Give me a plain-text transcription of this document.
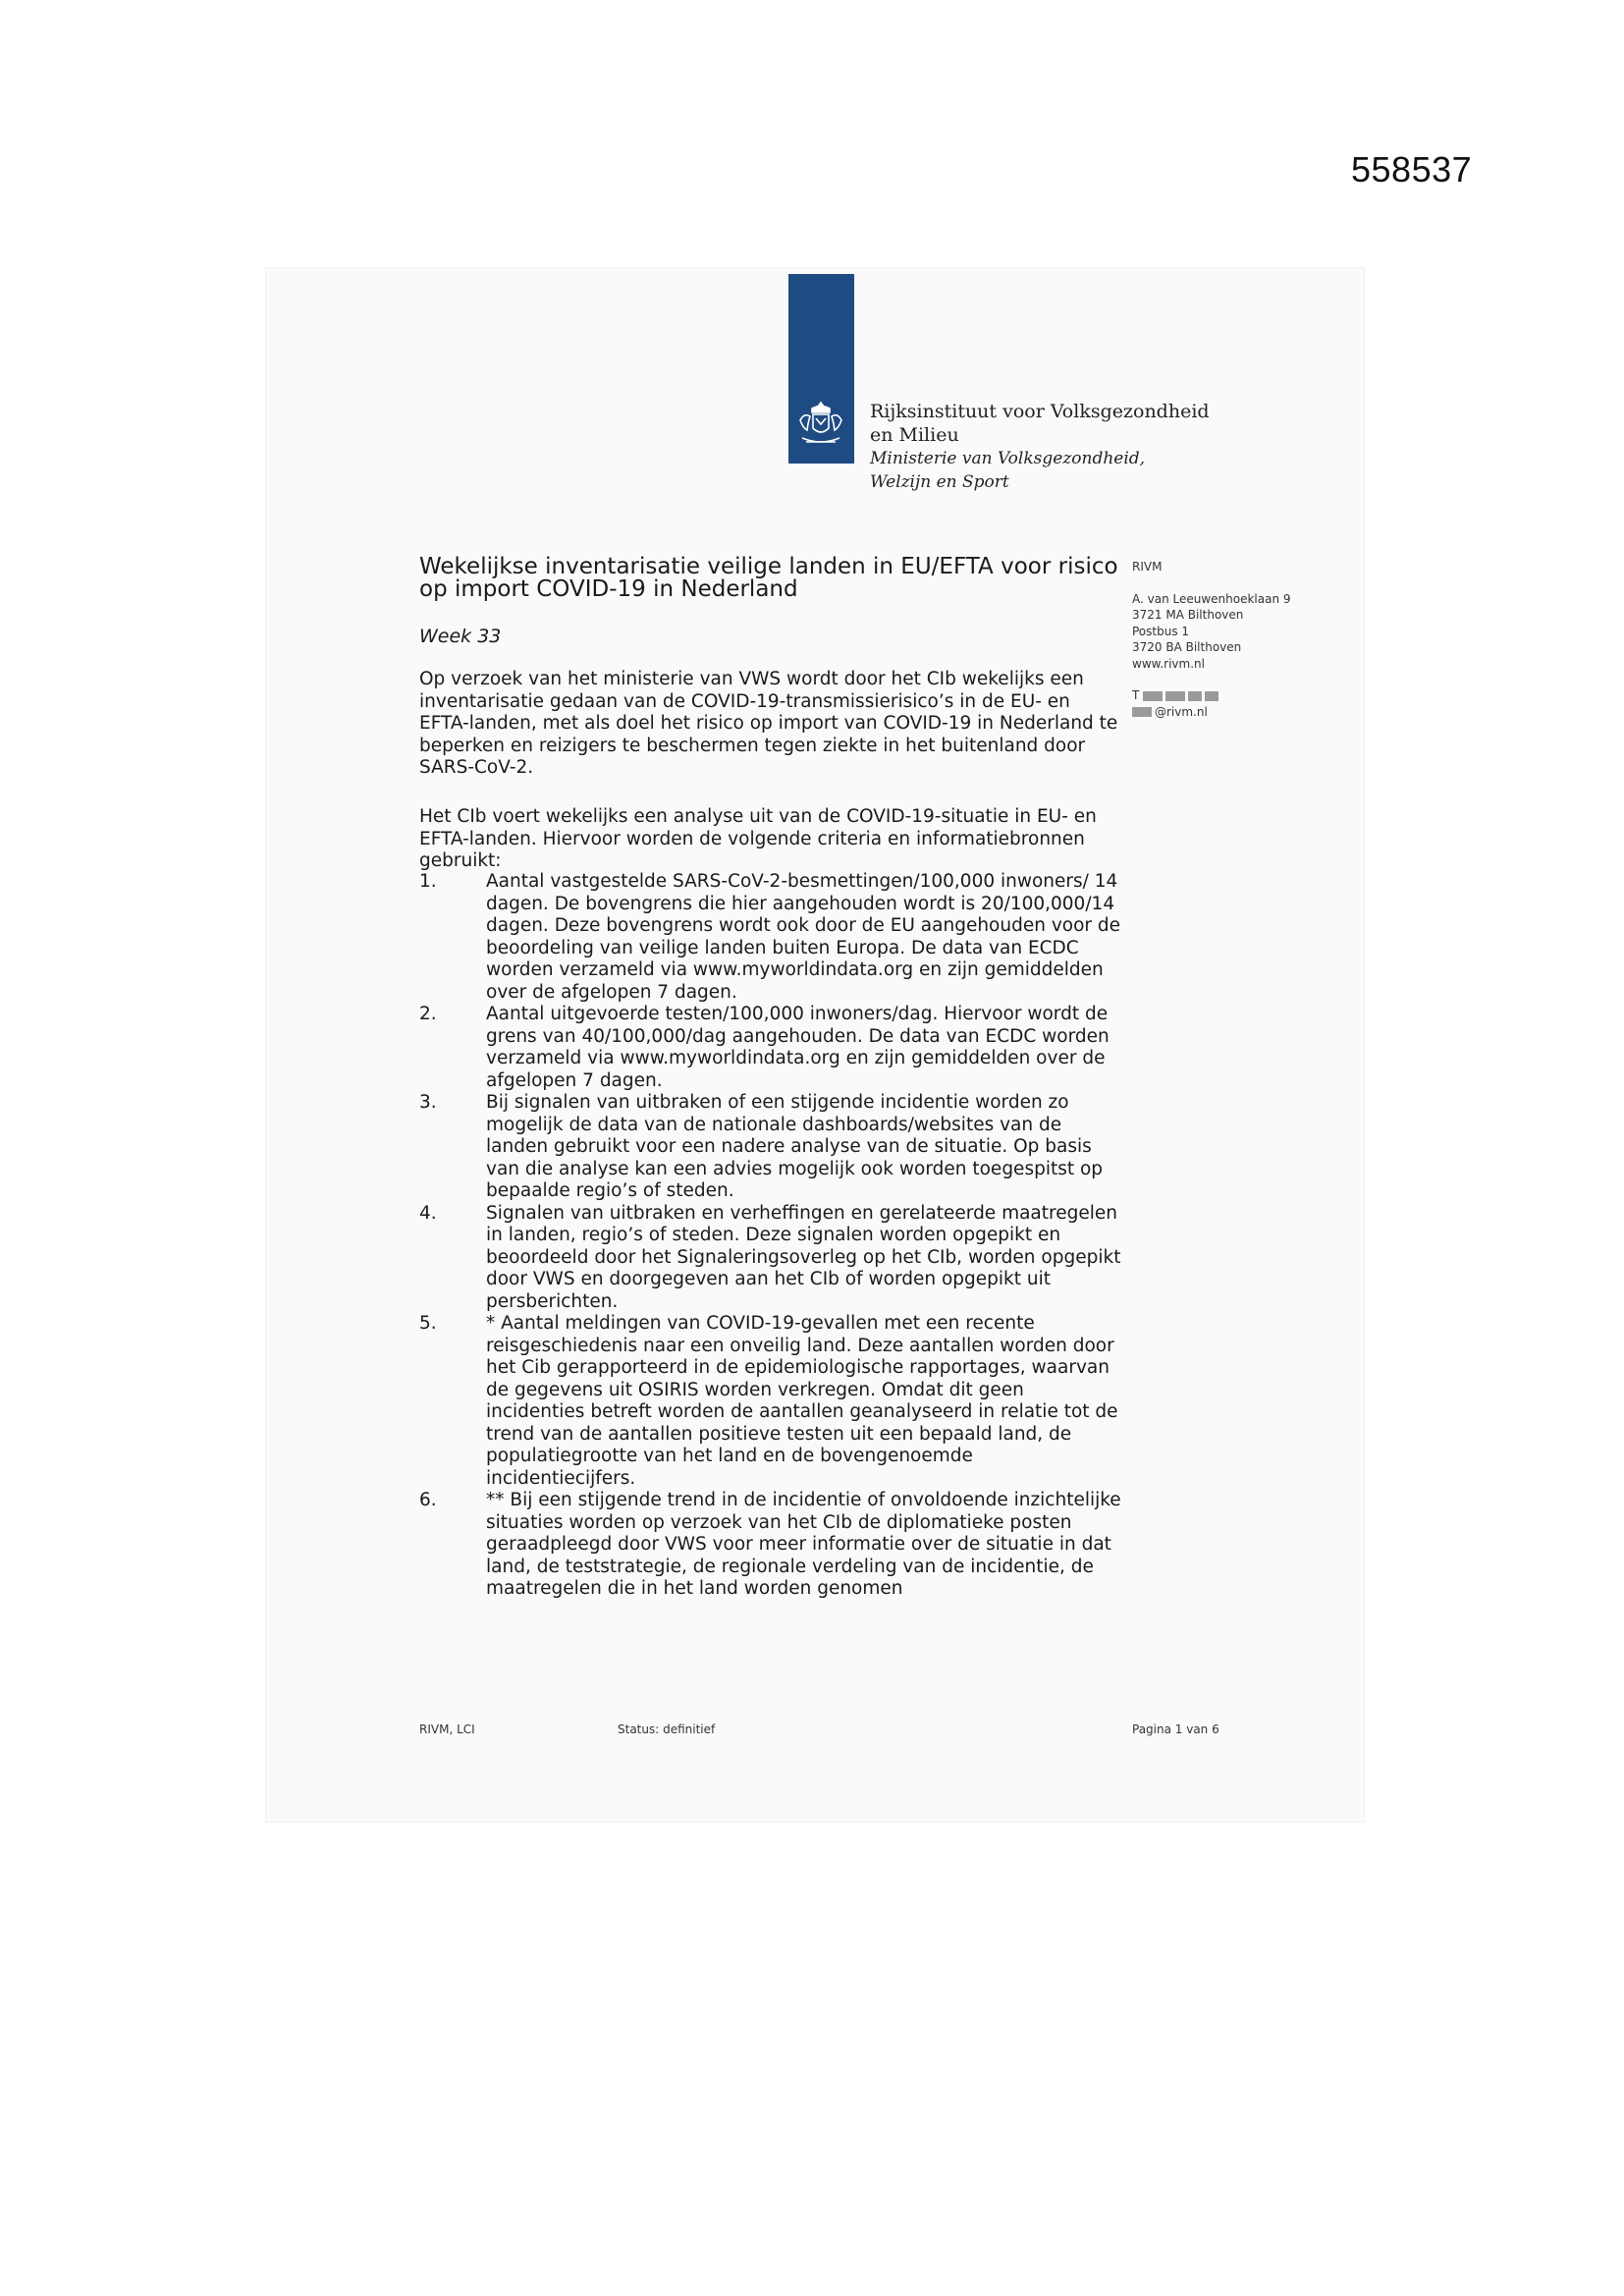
558537
Rijksinstituut voor Volksgezondheid
en Milieu
Ministerie van Volksgezondheid,
Welzijn en Sport
Wekelijkse inventarisatie veilige landen in EU/EFTA voor risico op import COVID-19 in Nederland
Week 33
Op verzoek van het ministerie van VWS wordt door het CIb wekelijks een inventarisatie gedaan van de COVID-19-transmissierisico’s in de EU- en EFTA-landen, met als doel het risico op import van COVID-19 in Nederland te beperken en reizigers te beschermen tegen ziekte in het buitenland door SARS-CoV-2.
Het CIb voert wekelijks een analyse uit van de COVID-19-situatie in EU- en EFTA-landen. Hiervoor worden de volgende criteria en informatiebronnen gebruikt:
1.	Aantal vastgestelde SARS-CoV-2-besmettingen/100,000 inwoners/ 14 dagen. De bovengrens die hier aangehouden wordt is 20/100,000/14 dagen. Deze bovengrens wordt ook door de EU aangehouden voor de beoordeling van veilige landen buiten Europa. De data van ECDC worden verzameld via www.myworldindata.org en zijn gemiddelden over de afgelopen 7 dagen.
2.	Aantal uitgevoerde testen/100,000 inwoners/dag. Hiervoor wordt de grens van 40/100,000/dag aangehouden. De data van ECDC worden verzameld via www.myworldindata.org en zijn gemiddelden over de afgelopen 7 dagen.
3.	Bij signalen van uitbraken of een stijgende incidentie worden zo mogelijk de data van de nationale dashboards/websites van de landen gebruikt voor een nadere analyse van de situatie. Op basis van die analyse kan een advies mogelijk ook worden toegespitst op bepaalde regio’s of steden.
4.	Signalen van uitbraken en verheffingen en gerelateerde maatregelen in landen, regio’s of steden. Deze signalen worden opgepikt en beoordeeld door het Signaleringsoverleg op het CIb, worden opgepikt door VWS en doorgegeven aan het CIb of worden opgepikt uit persberichten.
5.	* Aantal meldingen van COVID-19-gevallen met een recente reisgeschiedenis naar een onveilig land. Deze aantallen worden door het Cib gerapporteerd in de epidemiologische rapportages, waarvan de gegevens uit OSIRIS worden verkregen. Omdat dit geen incidenties betreft worden de aantallen geanalyseerd in relatie tot de trend van de aantallen positieve testen uit een bepaald land, de populatiegrootte van het land en de bovengenoemde incidentiecijfers.
6.	** Bij een stijgende trend in de incidentie of onvoldoende inzichtelijke situaties worden op verzoek van het CIb de diplomatieke posten geraadpleegd door VWS voor meer informatie over de situatie in dat land, de teststrategie, de regionale verdeling van de incidentie, de maatregelen die in het land worden genomen
RIVM
A. van Leeuwenhoeklaan 9
3721 MA Bilthoven
Postbus 1
3720 BA Bilthoven
www.rivm.nl
T
@rivm.nl
RIVM, LCI	Status: definitief	Pagina 1 van 6
